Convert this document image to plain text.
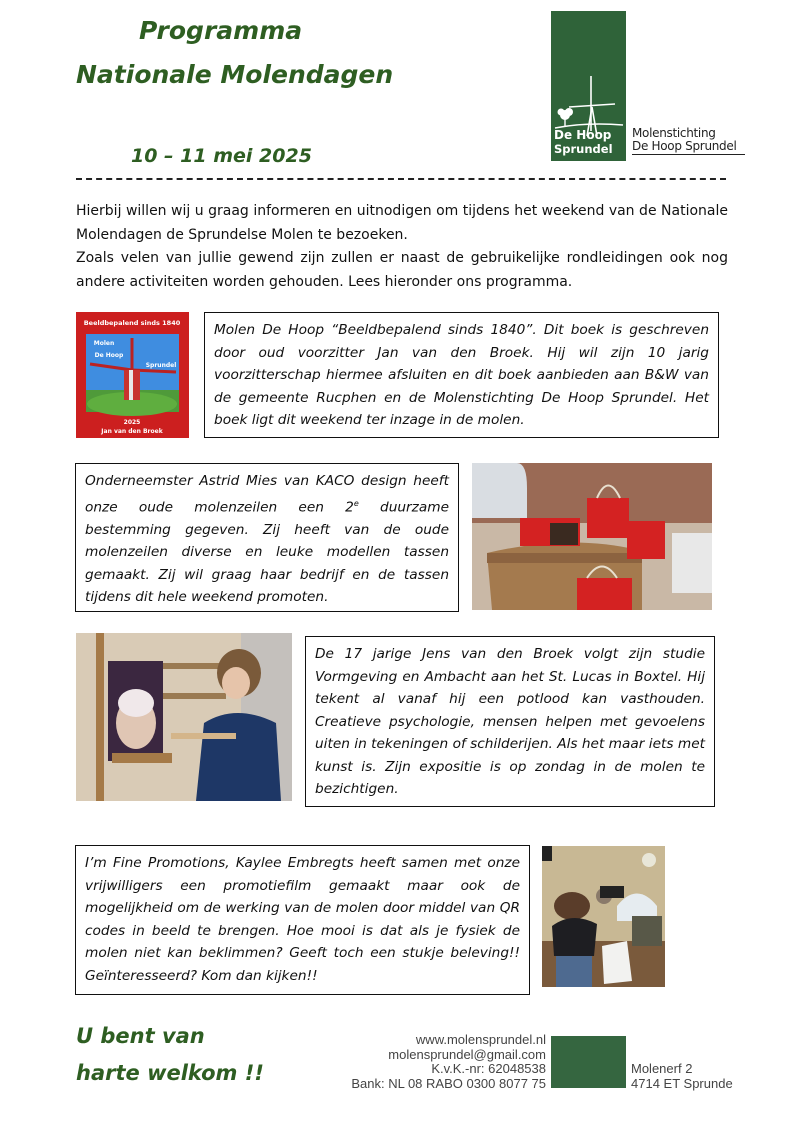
Programma
Nationale Molendagen
10 – 11 mei 2025
De Hoop
Sprundel
Molenstichting
De Hoop Sprundel

Hierbij willen wij u graag informeren en uitnodigen om tijdens het weekend van de Nationale Molendagen de Sprundelse Molen te bezoeken.

Zoals velen van jullie gewend zijn zullen er naast de gebruikelijke rondleidingen ook nog andere activiteiten worden gehouden. Lees hieronder ons programma.

Beeldbepalend sinds 1840
Molen
De Hoop
Sprundel
2025
Jan van den Broek
Molen De Hoop “Beeldbepalend sinds 1840”. Dit boek is geschreven door oud voorzitter Jan van den Broek. Hij wil zijn 10 jarig voorzitterschap hiermee afsluiten en dit boek aanbieden aan B&W van de gemeente Rucphen en de Molenstichting De Hoop Sprundel. Het boek ligt dit weekend ter inzage in de molen.
Onderneemster Astrid Mies van KACO design heeft onze oude molenzeilen een 2e duurzame bestemming gegeven. Zij heeft van de oude molenzeilen diverse en leuke modellen tassen gemaakt. Zij wil graag haar bedrijf en de tassen tijdens dit hele weekend promoten.
De 17 jarige Jens van den Broek volgt zijn studie Vormgeving en Ambacht aan het St. Lucas in Boxtel. Hij tekent al vanaf hij een potlood kan vasthouden. Creatieve psychologie, mensen helpen met gevoelens uiten in tekeningen of schilderijen. Als het maar iets met kunst is. Zijn expositie is op zondag in de molen te bezichtigen.
I’m Fine Promotions, Kaylee Embregts heeft samen met onze vrijwilligers een promotiefilm gemaakt maar ook de mogelijkheid om de werking van de molen door middel van QR codes in beeld te brengen. Hoe mooi is dat als je fysiek de molen niet kan beklimmen? Geeft toch een stukje beleving!! Geïnteresseerd? Kom dan kijken!!
U bent van
harte welkom !!
www.molensprundel.nl
molensprundel@gmail.com
K.v.K.-nr: 62048538
Bank: NL 08 RABO 0300 8077 75
Molenerf 2
4714 ET Sprunde
